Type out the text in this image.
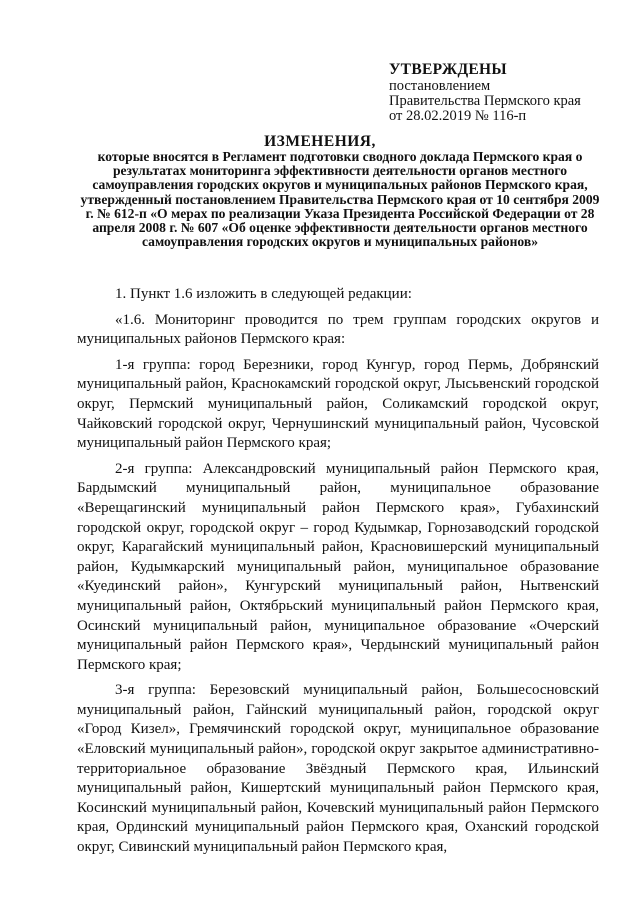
УТВЕРЖДЕНЫ
постановлением
Правительства Пермского края
от 28.02.2019 № 116-п
ИЗМЕНЕНИЯ,
которые вносятся в Регламент подготовки сводного доклада Пермского края о результатах мониторинга эффективности деятельности органов местного самоуправления городских округов и муниципальных районов Пермского края, утвержденный постановлением Правительства Пермского края от 10 сентября 2009 г. № 612-п «О мерах по реализации Указа Президента Российской Федерации от 28 апреля 2008 г. № 607 «Об оценке эффективности деятельности органов местного самоуправления городских округов и муниципальных районов»

1. Пункт 1.6 изложить в следующей редакции:

«1.6. Мониторинг проводится по трем группам городских округов и муниципальных районов Пермского края:

1-я группа: город Березники, город Кунгур, город Пермь, Добрянский муниципальный район, Краснокамский городской округ, Лысьвенский городской округ, Пермский муниципальный район, Соликамский городской округ, Чайковский городской округ, Чернушинский муниципальный район, Чусовской муниципальный район Пермского края;

2-я группа: Александровский муниципальный район Пермского края, Бардымский муниципальный район, муниципальное образование «Верещагинский муниципальный район Пермского края», Губахинский городской округ, городской округ – город Кудымкар, Горнозаводский городской округ, Карагайский муниципальный район, Красновишерский муниципальный район, Кудымкарский муниципальный район, муниципальное образование «Куединский район», Кунгурский муниципальный район, Нытвенский муниципальный район, Октябрьский муниципальный район Пермского края, Осинский муниципальный район, муниципальное образование «Очерский муниципальный район Пермского края», Чердынский муниципальный район Пермского края;

3-я группа: Березовский муниципальный район, Большесосновский муниципальный район, Гайнский муниципальный район, городской округ «Город Кизел», Гремячинский городской округ, муниципальное образование «Еловский муниципальный район», городской округ закрытое административно-территориальное образование Звёздный Пермского края, Ильинский муниципальный район, Кишертский муниципальный район Пермского края, Косинский муниципальный район, Кочевский муниципальный район Пермского края, Ординский муниципальный район Пермского края, Оханский городской округ, Сивинский муниципальный район Пермского края,
